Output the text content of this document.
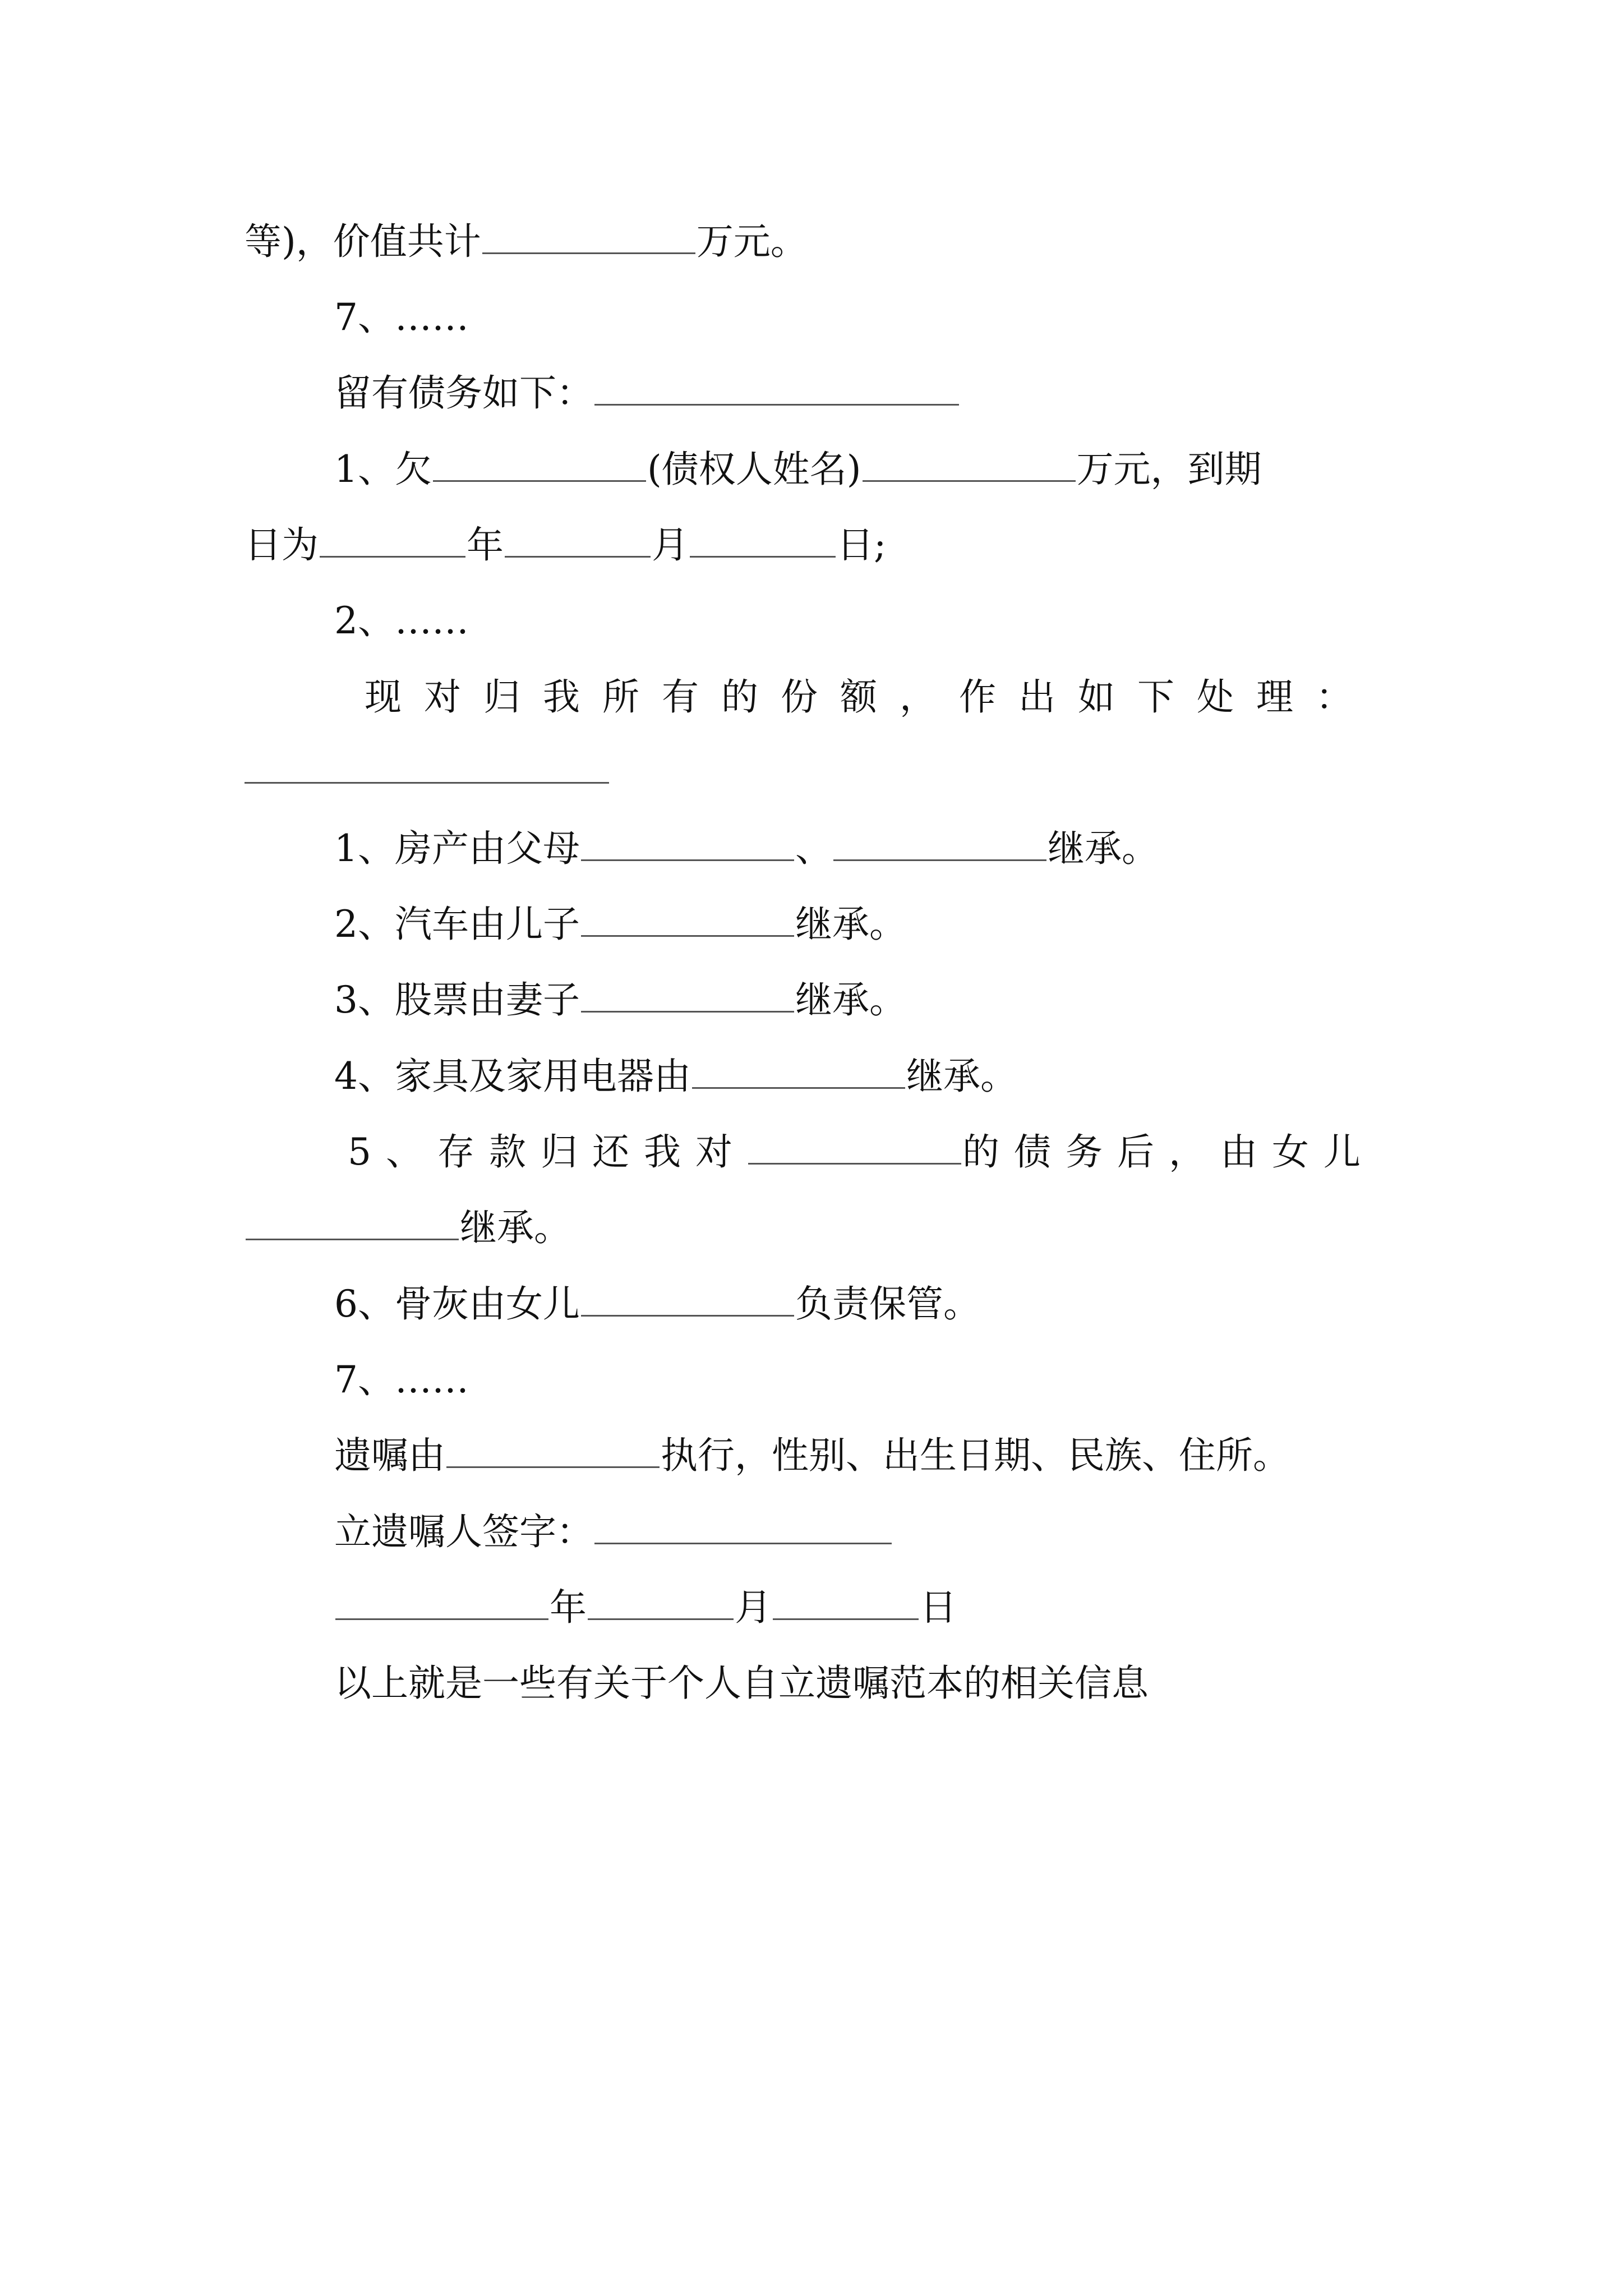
等)，价值共计	万元。
7、……
留有债务如下：
1、欠	(债权人姓名)	万元，到期
日为	年	月	日;
2、……
现对归我所有的份额，作出如下处理：
1、房产由父母	、	继承。
2、汽车由儿子	继承。
3、股票由妻子	继承。
4、家具及家用电器由	继承。
5、存款归还我对	的债务后，由女儿
继承。
6、骨灰由女儿	负责保管。
7、……
遗嘱由	执行，性别、出生日期、民族、住所。
立遗嘱人签字：
年	月	日
以上就是一些有关于个人自立遗嘱范本的相关信息
